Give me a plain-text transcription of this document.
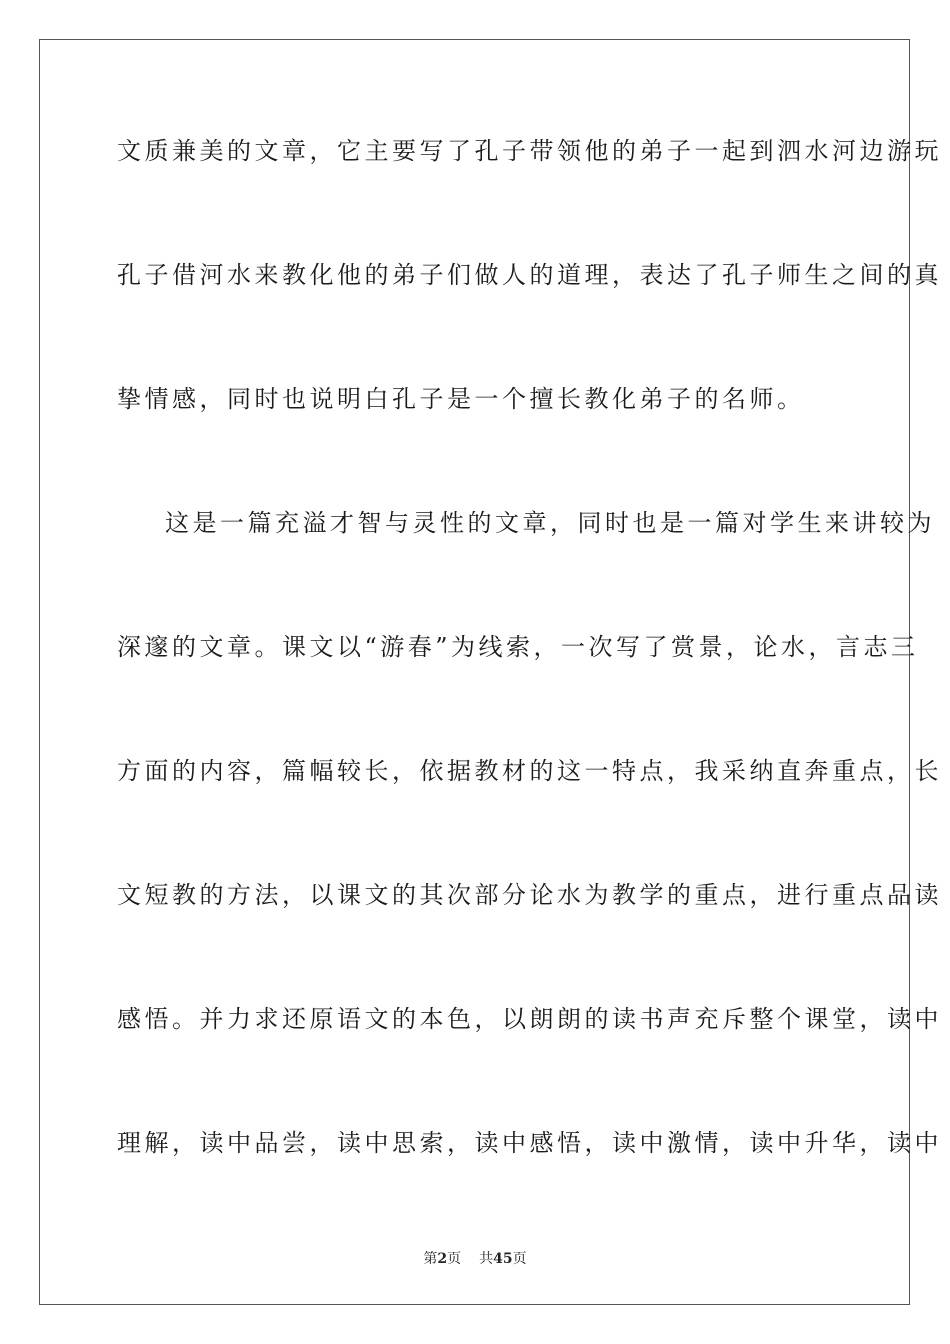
文质兼美的文章，它主要写了孔子带领他的弟子一起到泗水河边游玩
孔子借河水来教化他的弟子们做人的道理，表达了孔子师生之间的真
挚情感，同时也说明白孔子是一个擅长教化弟子的名师。
这是一篇充溢才智与灵性的文章，同时也是一篇对学生来讲较为
深邃的文章。课文以“游春”为线索，一次写了赏景，论水，言志三
方面的内容，篇幅较长，依据教材的这一特点，我采纳直奔重点，长
文短教的方法，以课文的其次部分论水为教学的重点，进行重点品读
感悟。并力求还原语文的本色，以朗朗的读书声充斥整个课堂，读中
理解，读中品尝，读中思索，读中感悟，读中激情，读中升华，读中
第2页 共45页
